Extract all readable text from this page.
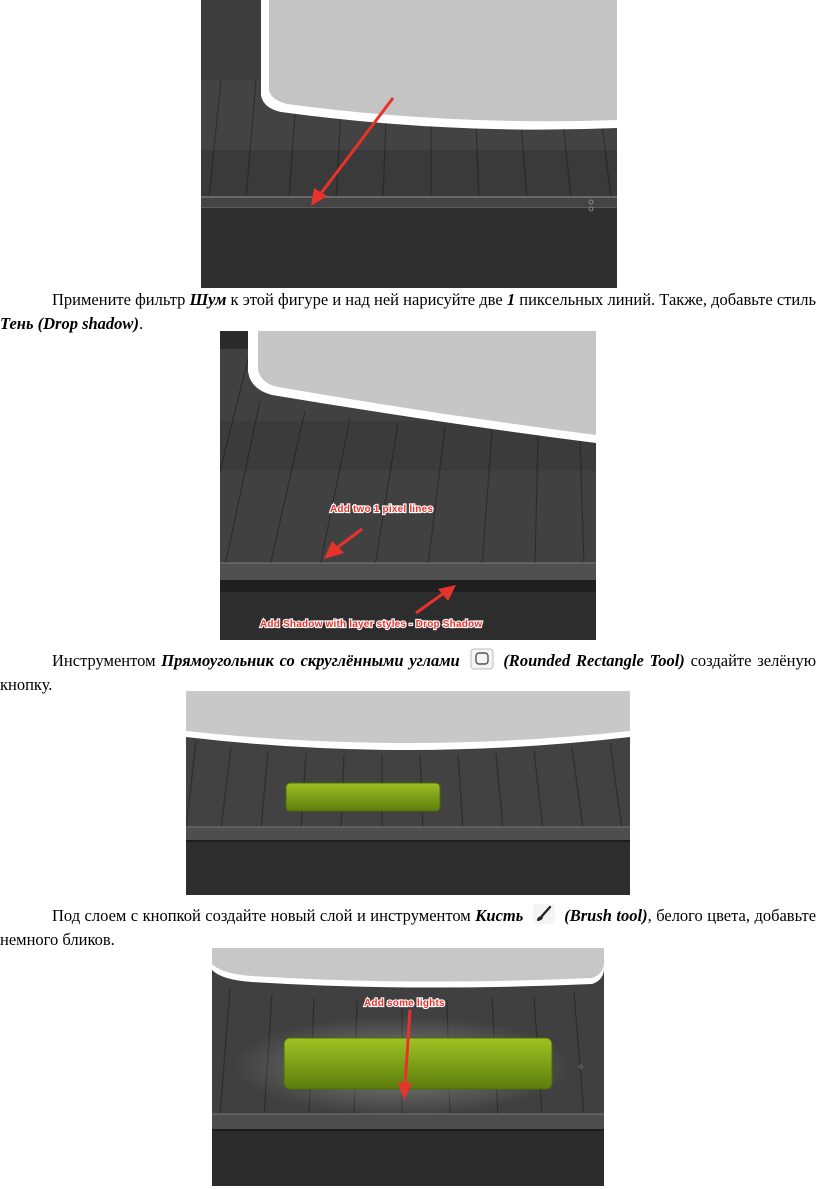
Примените фильтр Шум к этой фигуре и над ней нарисуйте две 1 пиксельных линий. Также, добавьте стиль Тень (Drop shadow).
Add two 1 pixel lines
Add Shadow with layer styles - Drop Shadow
Инструментом Прямоугольник со скруглёнными углами	(Rounded Rectangle Tool) создайте зелёную кнопку.
Под слоем с кнопкой создайте новый слой и инструментом Кисть (Brush tool), белого цвета, добавьте немного бликов.
✧
Add some lights
